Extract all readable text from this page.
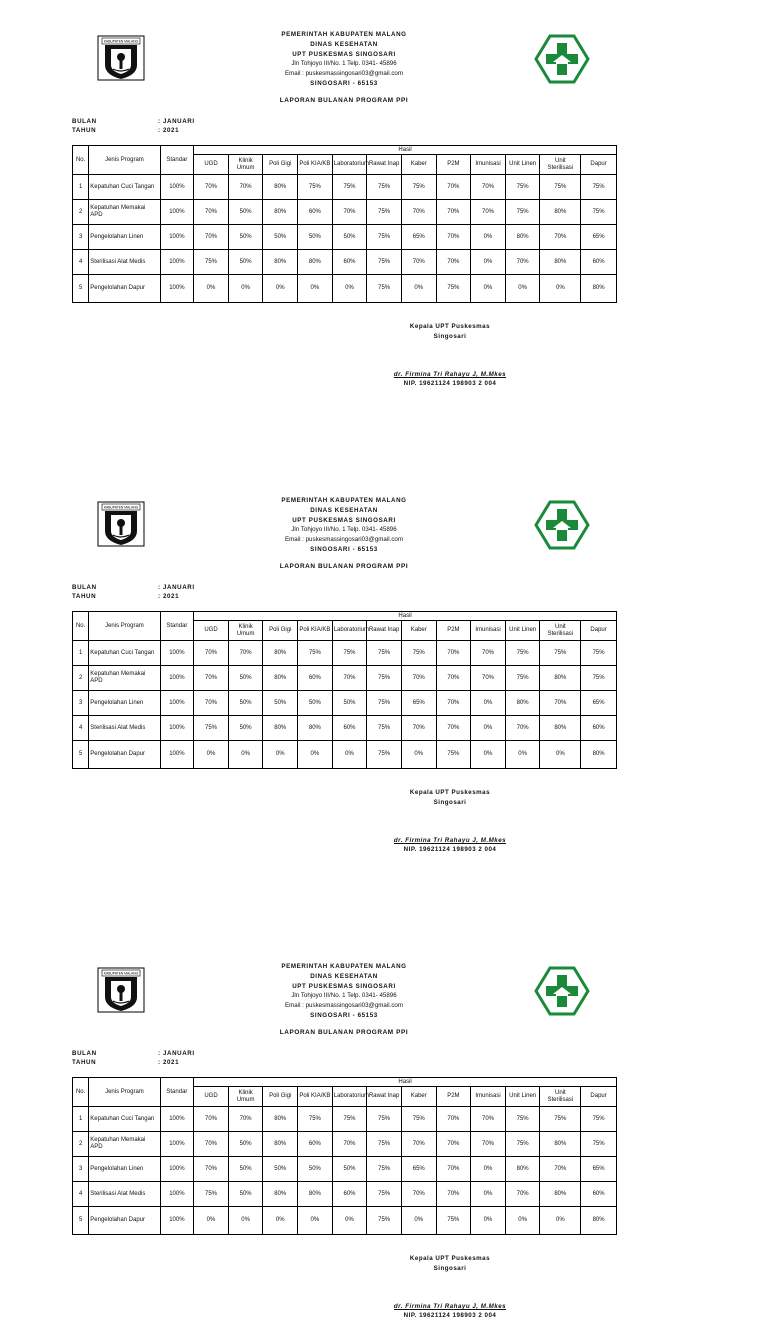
KABUPATEN MALANG
PEMERINTAH KABUPATEN MALANG
DINAS KESEHATAN
UPT PUSKESMAS SINGOSARI
Jln Tohjoyo III/No. 1 Telp. 0341- 45896
Email : puskesmassingosari03@gmail.com
SINGOSARI - 65153
LAPORAN BULANAN PROGRAM PPI
BULAN	: JANUARI
TAHUN	: 2021
No.	Jenis Program	Standar	Hasil											
			UGD	Klinik Umum	Poli Gigi	Poli KIA/KB	Laboratorium	Rawat Inap	Kaber	P2M	Imunisasi	Unit Linen	Unit Sterilisasi	Dapur
1	Kepatuhan Cuci Tangan	100%	70%	70%	80%	75%	75%	75%	75%	70%	70%	75%	75%	75%
2	Kepatuhan Memakai APD	100%	70%	50%	80%	60%	70%	75%	70%	70%	70%	75%	80%	75%
3	Pengelolahan Linen	100%	70%	50%	50%	50%	50%	75%	65%	70%	0%	80%	70%	65%
4	Sterilisasi Alat Medis	100%	75%	50%	80%	80%	60%	75%	70%	70%	0%	70%	80%	60%
5	Pengelolahan Dapur	100%	0%	0%	0%	0%	0%	75%	0%	75%	0%	0%	0%	80%
Kepala UPT Puskesmas
Singosari
dr. Firmina Tri Rahayu J, M.Mkes
NIP. 19621124 198903 2 004
KABUPATEN MALANG
PEMERINTAH KABUPATEN MALANG
DINAS KESEHATAN
UPT PUSKESMAS SINGOSARI
Jln Tohjoyo III/No. 1 Telp. 0341- 45896
Email : puskesmassingosari03@gmail.com
SINGOSARI - 65153
LAPORAN BULANAN PROGRAM PPI
BULAN	: JANUARI
TAHUN	: 2021
No.	Jenis Program	Standar	Hasil											
			UGD	Klinik Umum	Poli Gigi	Poli KIA/KB	Laboratorium	Rawat Inap	Kaber	P2M	Imunisasi	Unit Linen	Unit Sterilisasi	Dapur
1	Kepatuhan Cuci Tangan	100%	70%	70%	80%	75%	75%	75%	75%	70%	70%	75%	75%	75%
2	Kepatuhan Memakai APD	100%	70%	50%	80%	60%	70%	75%	70%	70%	70%	75%	80%	75%
3	Pengelolahan Linen	100%	70%	50%	50%	50%	50%	75%	65%	70%	0%	80%	70%	65%
4	Sterilisasi Alat Medis	100%	75%	50%	80%	80%	60%	75%	70%	70%	0%	70%	80%	60%
5	Pengelolahan Dapur	100%	0%	0%	0%	0%	0%	75%	0%	75%	0%	0%	0%	80%
Kepala UPT Puskesmas
Singosari
dr. Firmina Tri Rahayu J, M.Mkes
NIP. 19621124 198903 2 004
KABUPATEN MALANG
PEMERINTAH KABUPATEN MALANG
DINAS KESEHATAN
UPT PUSKESMAS SINGOSARI
Jln Tohjoyo III/No. 1 Telp. 0341- 45896
Email : puskesmassingosari03@gmail.com
SINGOSARI - 65153
LAPORAN BULANAN PROGRAM PPI
BULAN	: JANUARI
TAHUN	: 2021
No.	Jenis Program	Standar	Hasil											
			UGD	Klinik Umum	Poli Gigi	Poli KIA/KB	Laboratorium	Rawat Inap	Kaber	P2M	Imunisasi	Unit Linen	Unit Sterilisasi	Dapur
1	Kepatuhan Cuci Tangan	100%	70%	70%	80%	75%	75%	75%	75%	70%	70%	75%	75%	75%
2	Kepatuhan Memakai APD	100%	70%	50%	80%	60%	70%	75%	70%	70%	70%	75%	80%	75%
3	Pengelolahan Linen	100%	70%	50%	50%	50%	50%	75%	65%	70%	0%	80%	70%	65%
4	Sterilisasi Alat Medis	100%	75%	50%	80%	80%	60%	75%	70%	70%	0%	70%	80%	60%
5	Pengelolahan Dapur	100%	0%	0%	0%	0%	0%	75%	0%	75%	0%	0%	0%	80%
Kepala UPT Puskesmas
Singosari
dr. Firmina Tri Rahayu J, M.Mkes
NIP. 19621124 198903 2 004
